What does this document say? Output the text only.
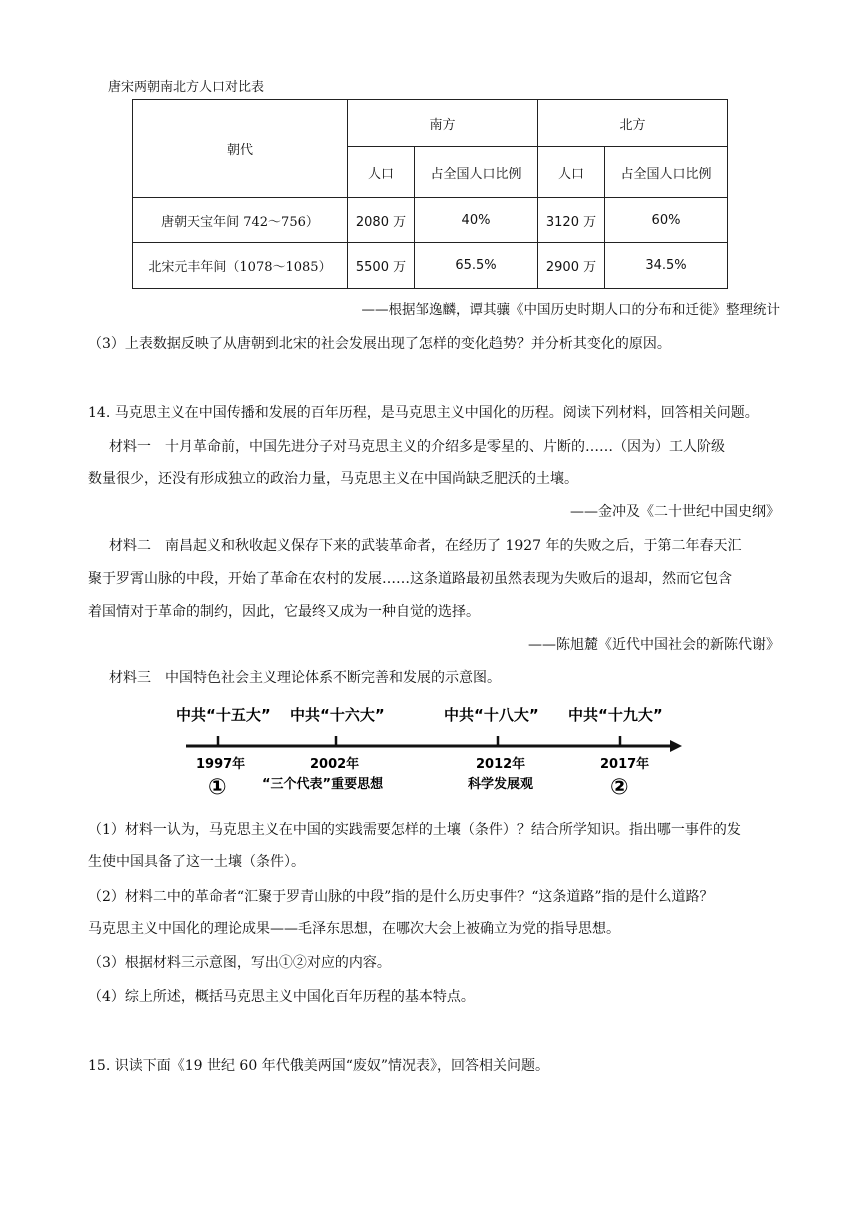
唐宋两朝南北方人口对比表
朝代	南方		北方	
	人口	占全国人口比例	人口	占全国人口比例
唐朝天宝年间 742～756）	2080 万	40%	3120 万	60%
北宋元丰年间（1078～1085）	5500 万	65.5%	2900 万	34.5%
——根据邹逸麟，谭其骧《中国历史时期人口的分布和迁徙》整理统计
（3）上表数据反映了从唐朝到北宋的社会发展出现了怎样的变化趋势？并分析其变化的原因。
14. 马克思主义在中国传播和发展的百年历程，是马克思主义中国化的历程。阅读下列材料，回答相关问题。
材料一　十月革命前，中国先进分子对马克思主义的介绍多是零星的、片断的……（因为）工人阶级
数量很少，还没有形成独立的政治力量，马克思主义在中国尚缺乏肥沃的土壤。
——金冲及《二十世纪中国史纲》
材料二　南昌起义和秋收起义保存下来的武装革命者，在经历了 1927 年的失败之后，于第二年春天汇
聚于罗霄山脉的中段，开始了革命在农村的发展……这条道路最初虽然表现为失败后的退却，然而它包含
着国情对于革命的制约，因此，它最终又成为一种自觉的选择。
——陈旭麓《近代中国社会的新陈代谢》
材料三　中国特色社会主义理论体系不断完善和发展的示意图。
中共“十五大” 中共“十六大”	中共“十八大” 中共“十九大”
1997年	2002年	2012年	2017年
①	“三个代表”重要思想	科学发展观	②
（1）材料一认为，马克思主义在中国的实践需要怎样的土壤（条件）？结合所学知识。指出哪一事件的发
生使中国具备了这一土壤（条件）。
（2）材料二中的革命者“汇聚于罗青山脉的中段”指的是什么历史事件？“这条道路”指的是什么道路？
马克思主义中国化的理论成果——毛泽东思想，在哪次大会上被确立为党的指导思想。
（3）根据材料三示意图，写出①②对应的内容。
（4）综上所述，概括马克思主义中国化百年历程的基本特点。
15. 识读下面《19 世纪 60 年代俄美两国“废奴”情况表》，回答相关问题。
